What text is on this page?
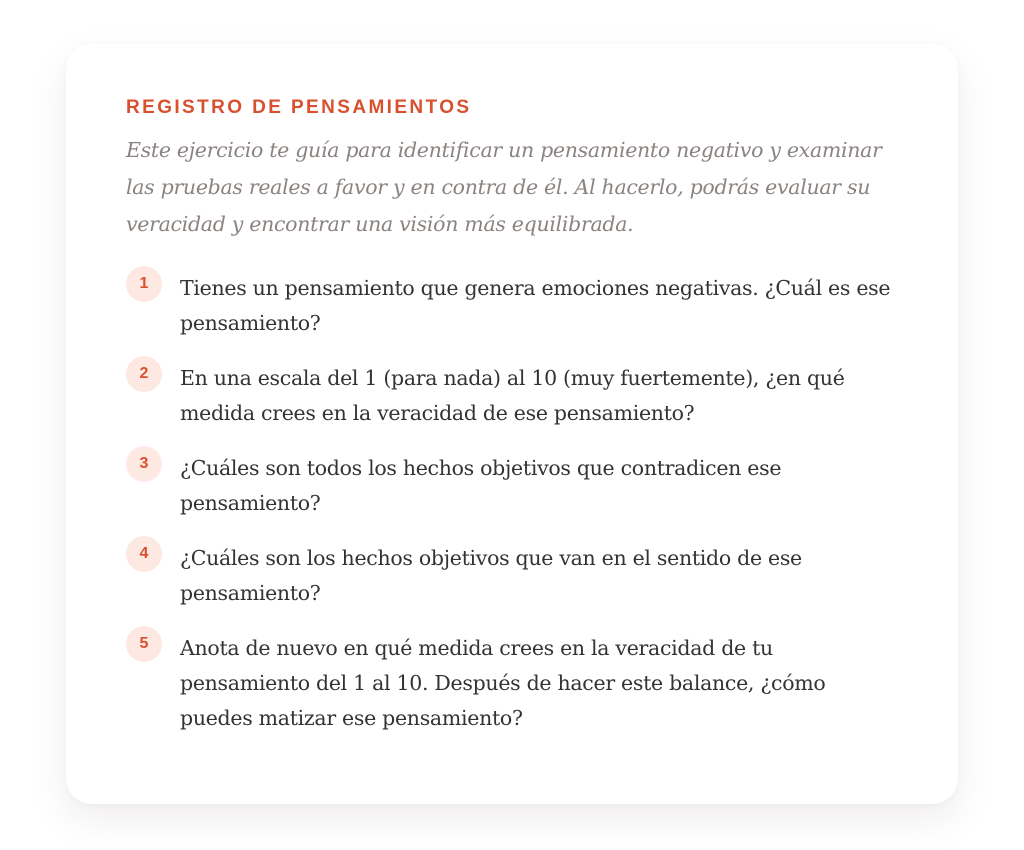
REGISTRO DE PENSAMIENTOS

Este ejercicio te guía para identificar un pensamiento negativo y examinar las pruebas reales a favor y en contra de él. Al hacerlo, podrás evaluar su veracidad y encontrar una visión más equilibrada.

1	Tienes un pensamiento que genera emociones negativas. ¿Cuál es ese pensamiento?

2	En una escala del 1 (para nada) al 10 (muy fuertemente), ¿en qué medida crees en la veracidad de ese pensamiento?

3	¿Cuáles son todos los hechos objetivos que contradicen ese pensamiento?

4	¿Cuáles son los hechos objetivos que van en el sentido de ese pensamiento?

5	Anota de nuevo en qué medida crees en la veracidad de tu pensamiento del 1 al 10. Después de hacer este balance, ¿cómo puedes matizar ese pensamiento?
